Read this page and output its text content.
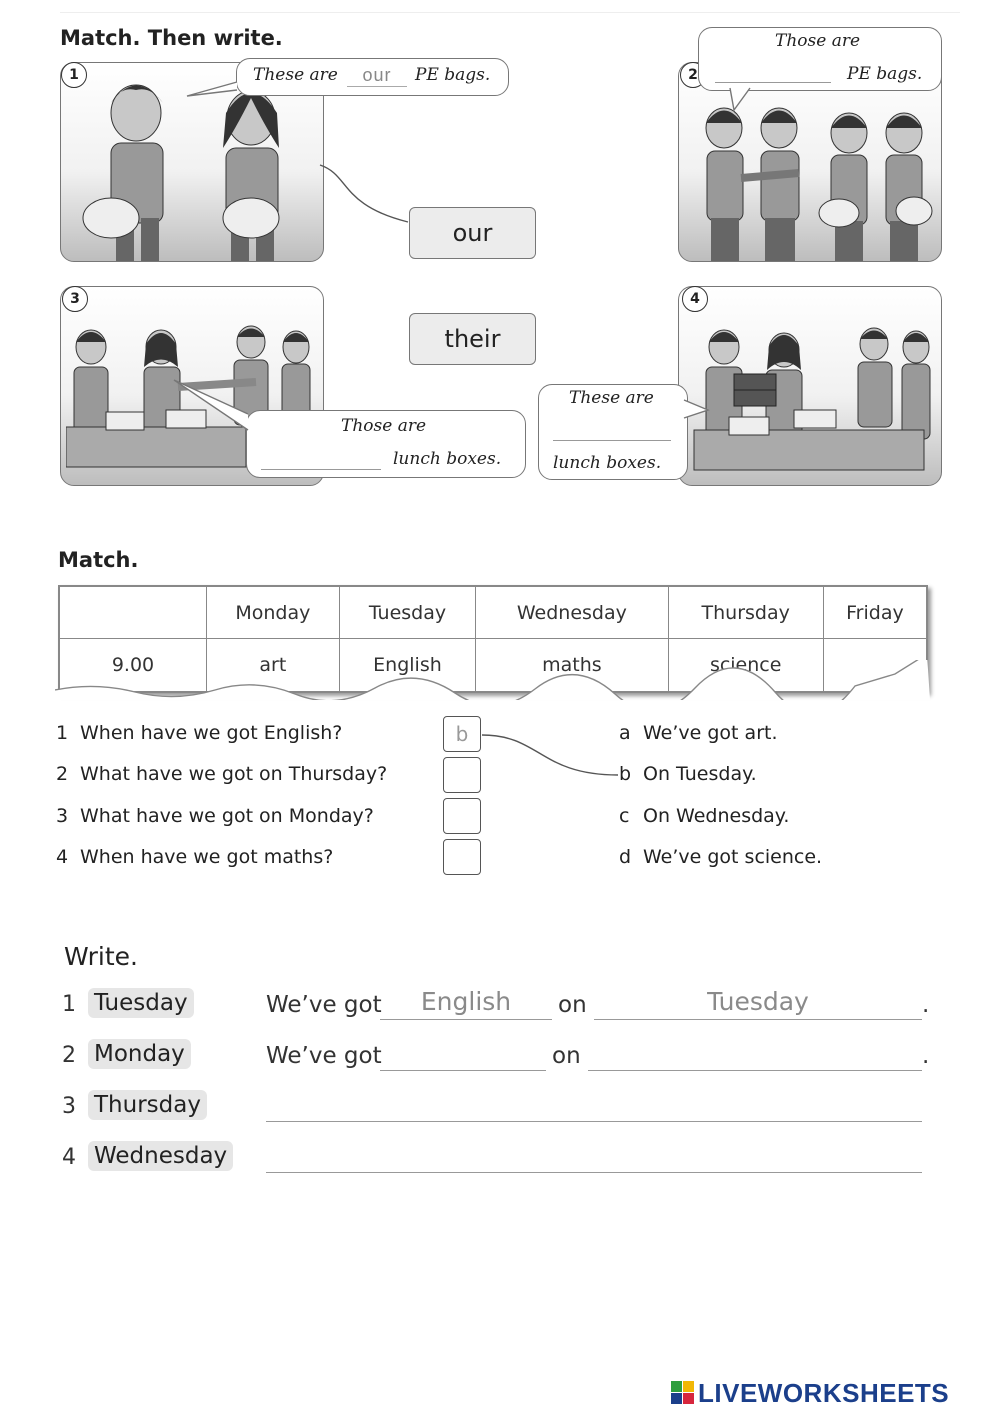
Match. Then write.
1	These are	our	PE bags.	2
Those are
PE bags.
our
their
3
Those are
lunch boxes.
4
These are
lunch boxes.
Match.
	Monday	Tuesday	Wednesday	Thursday	Friday
9.00	art	English	maths	science	
1 When have we got English?
2 What have we got on Thursday?
3 What have we got on Monday?
4 When have we got maths?
b	a We’ve got art.
b On Tuesday.
c On Wednesday.
d We’ve got science.
Write.
1 Tuesday	We’ve got	English	on	Tuesday	.
2 Monday	We’ve got	on	.
3 Thursday
4 Wednesday
LIVEWORKSHEETS
